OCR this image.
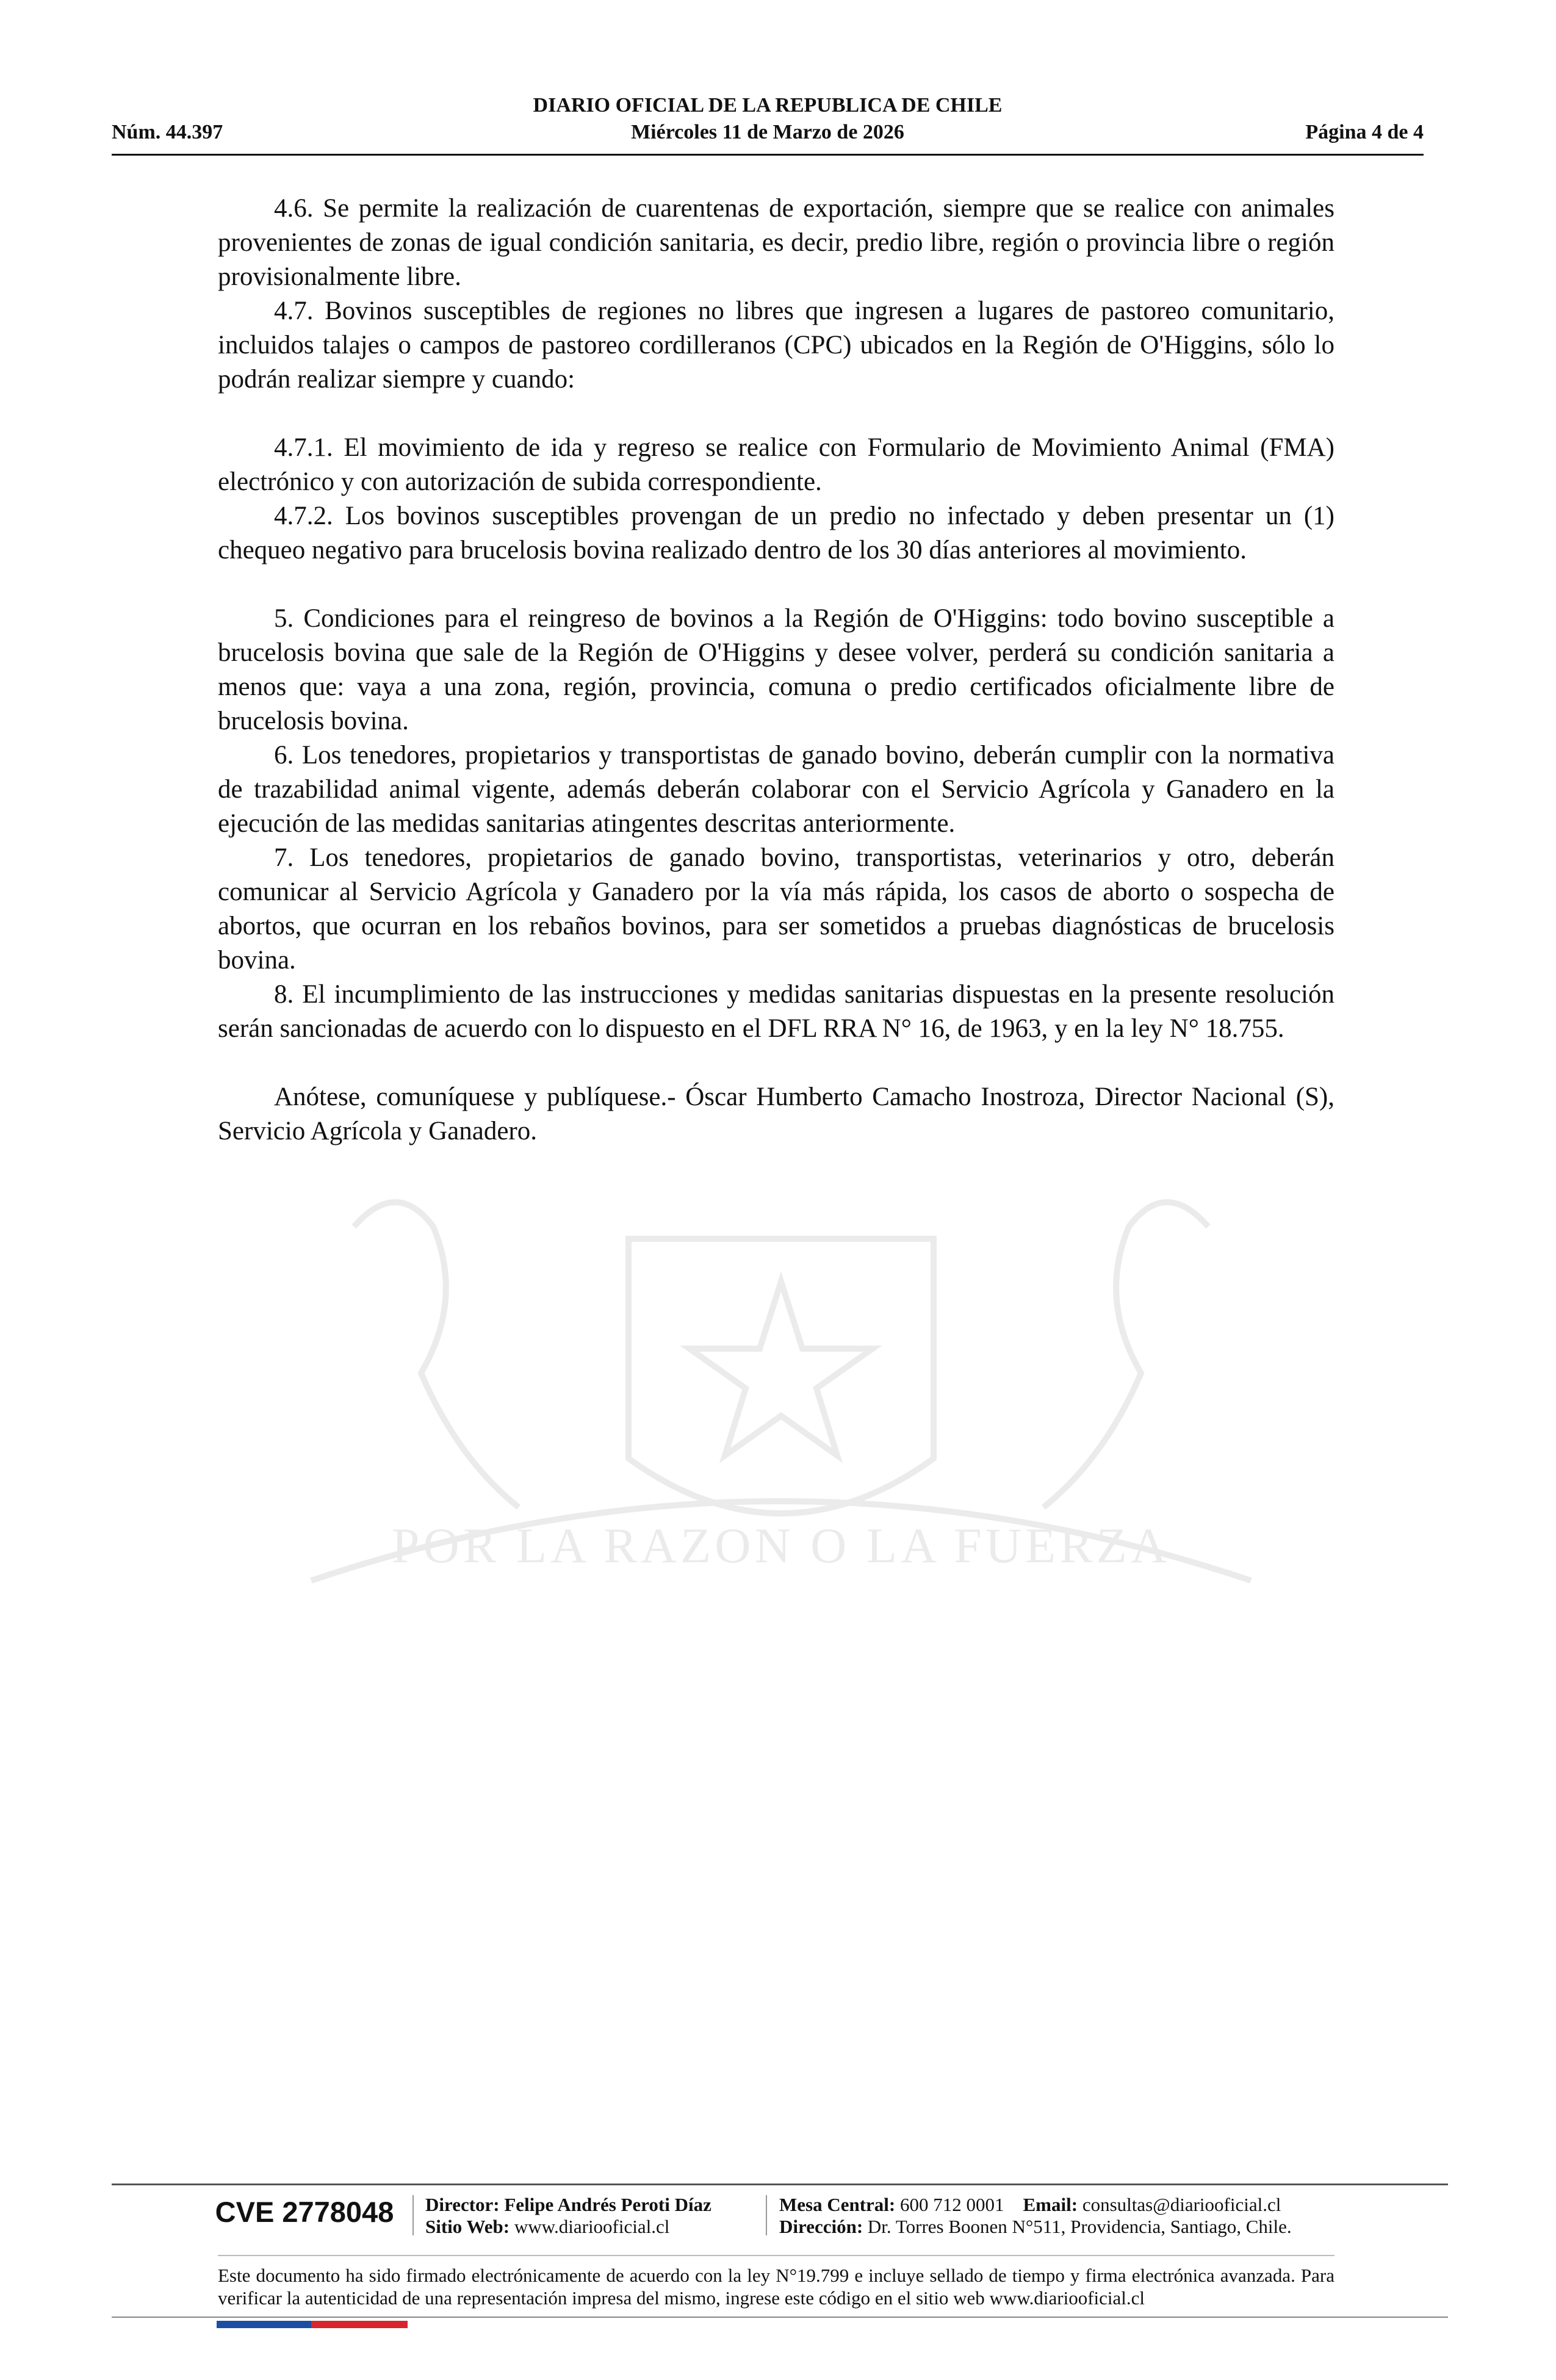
DIARIO OFICIAL DE LA REPUBLICA DE CHILE
Núm. 44.397	Miércoles 11 de Marzo de 2026	Página 4 de 4
POR LA RAZON O LA FUERZA

4.6. Se permite la realización de cuarentenas de exportación, siempre que se realice con animales provenientes de zonas de igual condición sanitaria, es decir, predio libre, región o provincia libre o región provisionalmente libre.

4.7. Bovinos susceptibles de regiones no libres que ingresen a lugares de pastoreo comunitario, incluidos talajes o campos de pastoreo cordilleranos (CPC) ubicados en la Región de O'Higgins, sólo lo podrán realizar siempre y cuando:

4.7.1. El movimiento de ida y regreso se realice con Formulario de Movimiento Animal (FMA) electrónico y con autorización de subida correspondiente.

4.7.2. Los bovinos susceptibles provengan de un predio no infectado y deben presentar un (1) chequeo negativo para brucelosis bovina realizado dentro de los 30 días anteriores al movimiento.

5. Condiciones para el reingreso de bovinos a la Región de O'Higgins: todo bovino susceptible a brucelosis bovina que sale de la Región de O'Higgins y desee volver, perderá su condición sanitaria a menos que: vaya a una zona, región, provincia, comuna o predio certificados oficialmente libre de brucelosis bovina.

6. Los tenedores, propietarios y transportistas de ganado bovino, deberán cumplir con la normativa de trazabilidad animal vigente, además deberán colaborar con el Servicio Agrícola y Ganadero en la ejecución de las medidas sanitarias atingentes descritas anteriormente.

7. Los tenedores, propietarios de ganado bovino, transportistas, veterinarios y otro, deberán comunicar al Servicio Agrícola y Ganadero por la vía más rápida, los casos de aborto o sospecha de abortos, que ocurran en los rebaños bovinos, para ser sometidos a pruebas diagnósticas de brucelosis bovina.

8. El incumplimiento de las instrucciones y medidas sanitarias dispuestas en la presente resolución serán sancionadas de acuerdo con lo dispuesto en el DFL RRA N° 16, de 1963, y en la ley N° 18.755.

Anótese, comuníquese y publíquese.- Óscar Humberto Camacho Inostroza, Director Nacional (S), Servicio Agrícola y Ganadero.

CVE 2778048	Director: Felipe Andrés Peroti Díaz
Sitio Web: www.diariooficial.cl
Mesa Central: 600 712 0001 Email: consultas@diariooficial.cl
Dirección: Dr. Torres Boonen N°511, Providencia, Santiago, Chile.
Este documento ha sido firmado electrónicamente de acuerdo con la ley N°19.799 e incluye sellado de tiempo y firma electrónica avanzada. Para verificar la autenticidad de una representación impresa del mismo, ingrese este código en el sitio web www.diariooficial.cl
